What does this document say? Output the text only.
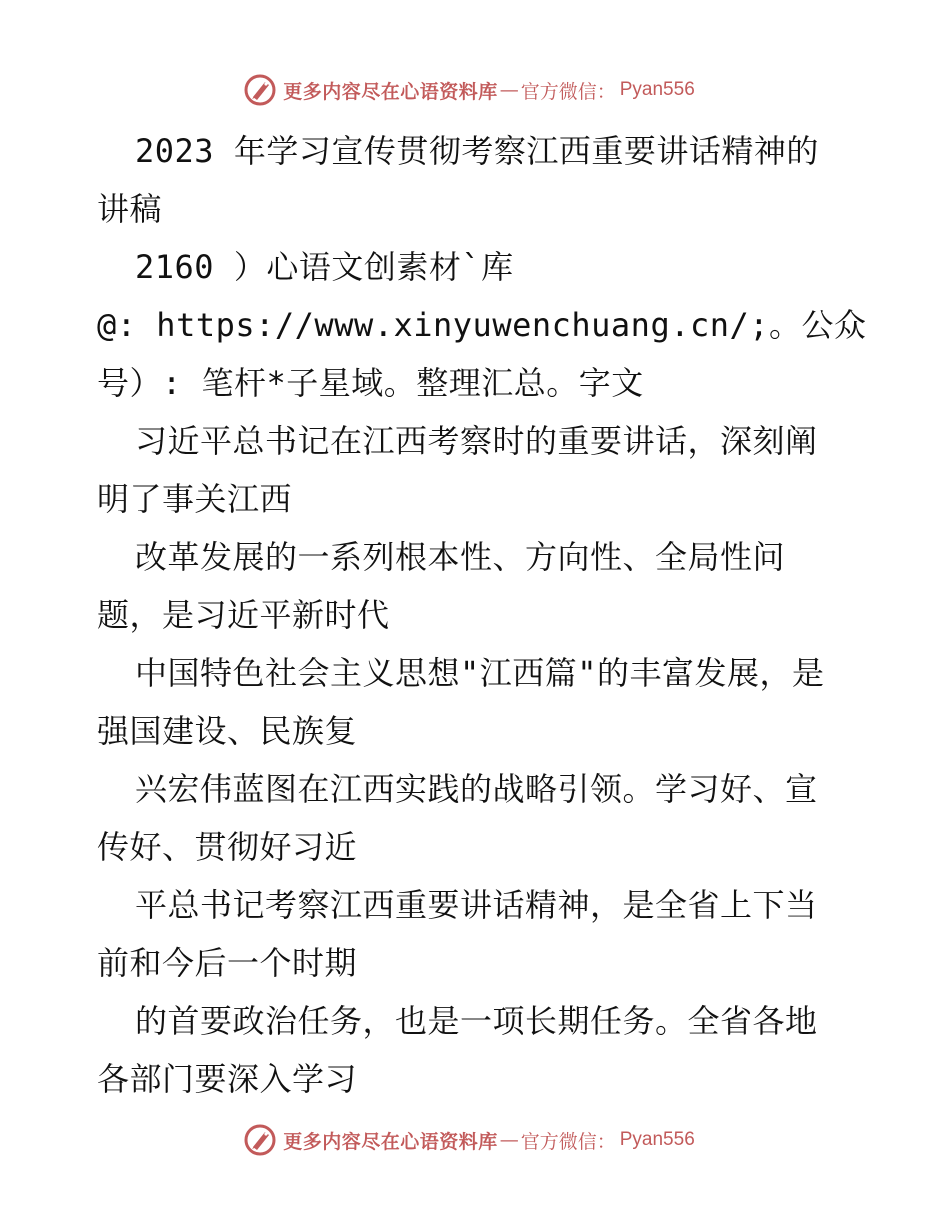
更多内容尽在心语资料库 — 官方微信： Pyan556
2023 年学习宣传贯彻考察江西重要讲话精神的
讲稿
2160 ）心语文创素材`库
@: https://www.xinyuwenchuang.cn/;。公众
号）: 笔杆*子星域。整理汇总。字文
习近平总书记在江西考察时的重要讲话，深刻阐
明了事关江西
改革发展的一系列根本性、方向性、全局性问
题，是习近平新时代
中国特色社会主义思想"江西篇"的丰富发展，是
强国建设、民族复
兴宏伟蓝图在江西实践的战略引领。学习好、宣
传好、贯彻好习近
平总书记考察江西重要讲话精神，是全省上下当
前和今后一个时期
的首要政治任务，也是一项长期任务。全省各地
各部门要深入学习
更多内容尽在心语资料库 — 官方微信： Pyan556
